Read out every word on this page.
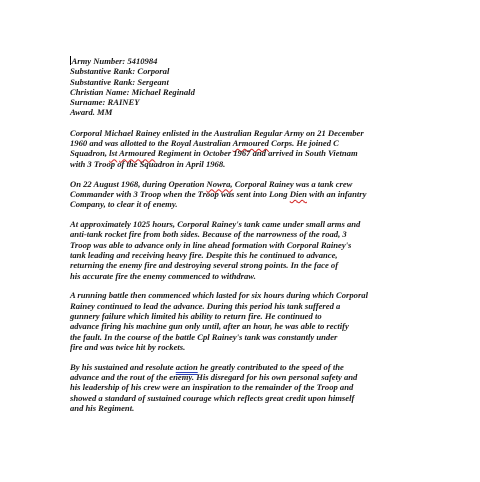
Army Number: 5410984
Substantive Rank: Corporal
Substantive Rank: Sergeant
Christian Name: Michael Reginald
Surname: RAINEY
Award. MM
Corporal Michael Rainey enlisted in the Australian Regular Army on 21 December
1960 and was allotted to the Royal Australian Armoured Corps. He joined C
Squadron, lst Armoured Regiment in October 1967 and arrived in South Vietnam
with 3 Troop of the Squadron in April 1968.
On 22 August 1968, during Operation Nowra, Corporal Rainey was a tank crew
Commander with 3 Troop when the Troop was sent into Long Dien with an infantry
Company, to clear it of enemy.
At approximately 1025 hours, Corporal Rainey's tank came under small arms and
anti-tank rocket fire from both sides. Because of the narrowness of the road, 3
Troop was able to advance only in line ahead formation with Corporal Rainey's
tank leading and receiving heavy fire. Despite this he continued to advance,
returning the enemy fire and destroying several strong points. In the face of
his accurate fire the enemy commenced to withdraw.
A running battle then commenced which lasted for six hours during which Corporal
Rainey continued to lead the advance. During this period his tank suffered a
gunnery failure which limited his ability to return fire. He continued to
advance firing his machine gun only until, after an hour, he was able to rectify
the fault. In the course of the battle Cpl Rainey's tank was constantly under
fire and was twice hit by rockets.
By his sustained and resolute action he greatly contributed to the speed of the
advance and the rout of the enemy. His disregard for his own personal safety and
his leadership of his crew were an inspiration to the remainder of the Troop and
showed a standard of sustained courage which reflects great credit upon himself
and his Regiment.
